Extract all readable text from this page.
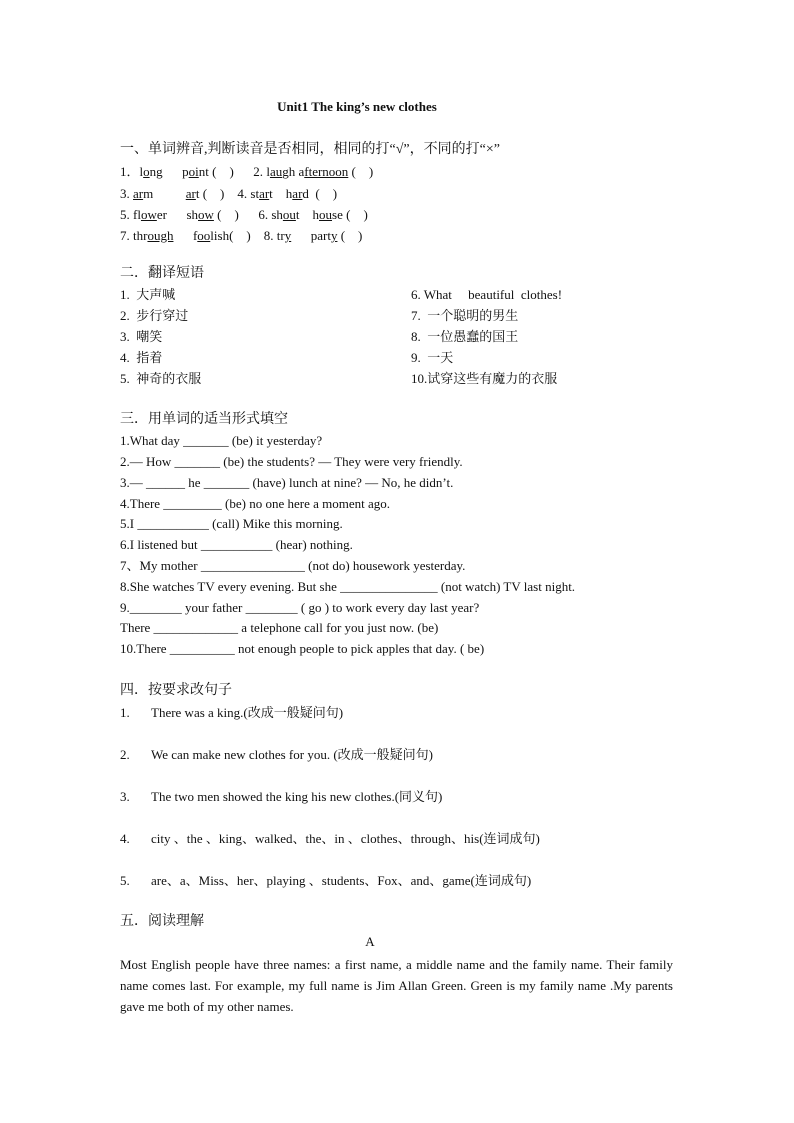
Unit1 The king’s new clothes
一、单词辨音,判断读音是否相同，相同的打“√”，不同的打“×”
1．long point (    )      2. laugh afternoon (    )
3. arm	art (    )    4. start hard  (    )
5. flower show (    )      6. shout house (    )
7. through foolish(    )    8. try party (    )
二．翻译短语
1.  大声喊
2.  步行穿过
3.  嘲笑
4.  指着
5.  神奇的衣服
6. What     beautiful  clothes!
7.  一个聪明的男生
8.  一位愚蠢的国王
9.  一天
10.试穿这些有魔力的衣服
三．用单词的适当形式填空
1.What day _______ (be) it yesterday?
2.— How _______ (be) the students? — They were very friendly.
3.— ______ he _______ (have) lunch at nine? — No, he didn’t.
4.There _________ (be) no one here a moment ago.
5.I ___________ (call) Mike this morning.
6.I listened but ___________ (hear) nothing.
7、My mother ________________ (not do) housework yesterday.
8.She watches TV every evening. But she _______________ (not watch) TV last night.
9.________ your father ________ ( go ) to work every day last year?
There _____________ a telephone call for you just now. (be)
10.There __________ not enough people to pick apples that day. ( be)
四．按要求改句子
1. There was a king.(改成一般疑问句)
2. We can make new clothes for you. (改成一般疑问句)
3. The two men showed the king his new clothes.(同义句)
4. city 、the 、king、walked、the、in 、clothes、through、his(连词成句)
5. are、a、Miss、her、playing 、students、Fox、and、game(连词成句)
五．阅读理解
A
Most English people have three names: a first name, a middle name and the family name. Their family name comes last. For example, my full name is Jim Allan Green. Green is my family name .My parents gave me both of my other names.
